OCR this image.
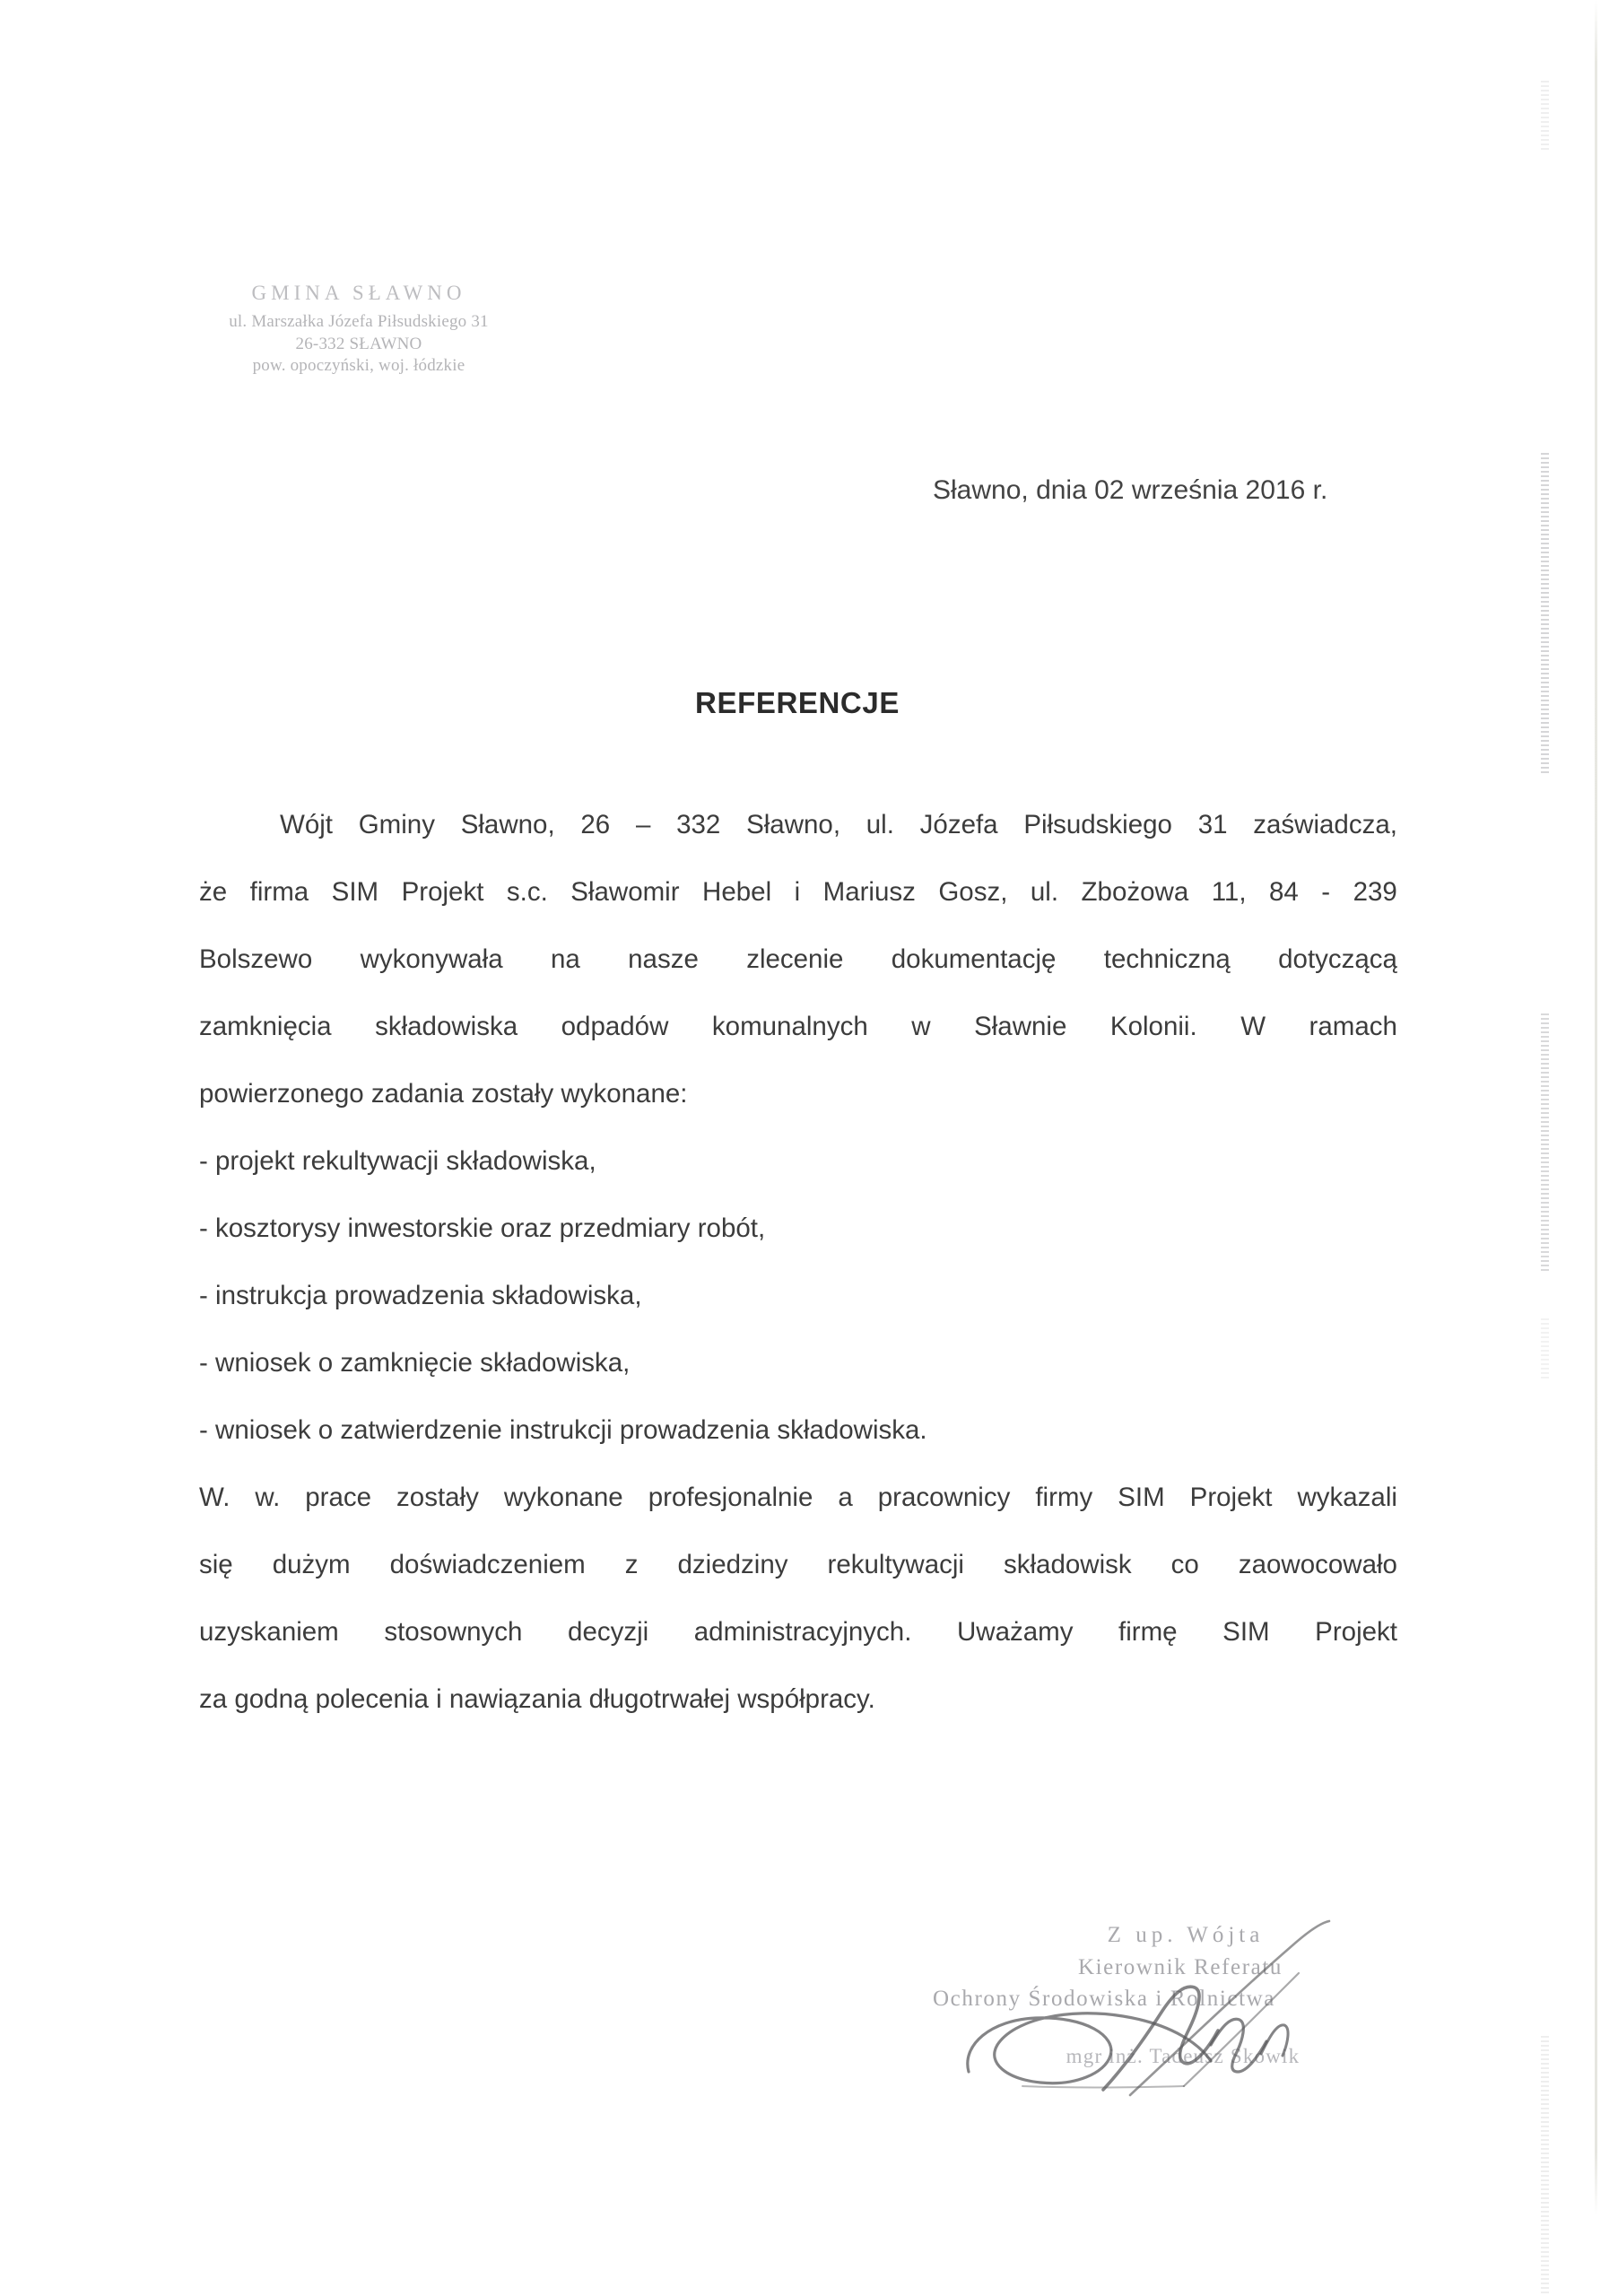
GMINA SŁAWNO
ul. Marszałka Józefa Piłsudskiego 31
26-332 SŁAWNO
pow. opoczyński, woj. łódzkie
Sławno, dnia 02 września 2016 r.
REFERENCJE
Wójt Gminy Sławno, 26 – 332 Sławno, ul. Józefa Piłsudskiego 31 zaświadcza,
że firma SIM Projekt s.c. Sławomir Hebel i Mariusz Gosz, ul. Zbożowa 11, 84 - 239
Bolszewo wykonywała na nasze zlecenie dokumentację techniczną dotyczącą
zamknięcia składowiska odpadów komunalnych w Sławnie Kolonii. W ramach
powierzonego zadania zostały wykonane:
- projekt rekultywacji składowiska,
- kosztorysy inwestorskie oraz przedmiary robót,
- instrukcja prowadzenia składowiska,
- wniosek o zamknięcie składowiska,
- wniosek o zatwierdzenie instrukcji prowadzenia składowiska.
W. w. prace zostały wykonane profesjonalnie a pracownicy firmy SIM Projekt wykazali
się dużym doświadczeniem z dziedziny rekultywacji składowisk co zaowocowało
uzyskaniem stosownych decyzji administracyjnych. Uważamy firmę SIM Projekt
za godną polecenia i nawiązania długotrwałej współpracy.
Z up. Wójta
Kierownik Referatu
Ochrony Środowiska i Rolnictwa
mgr inż. Tadeusz Skowik
